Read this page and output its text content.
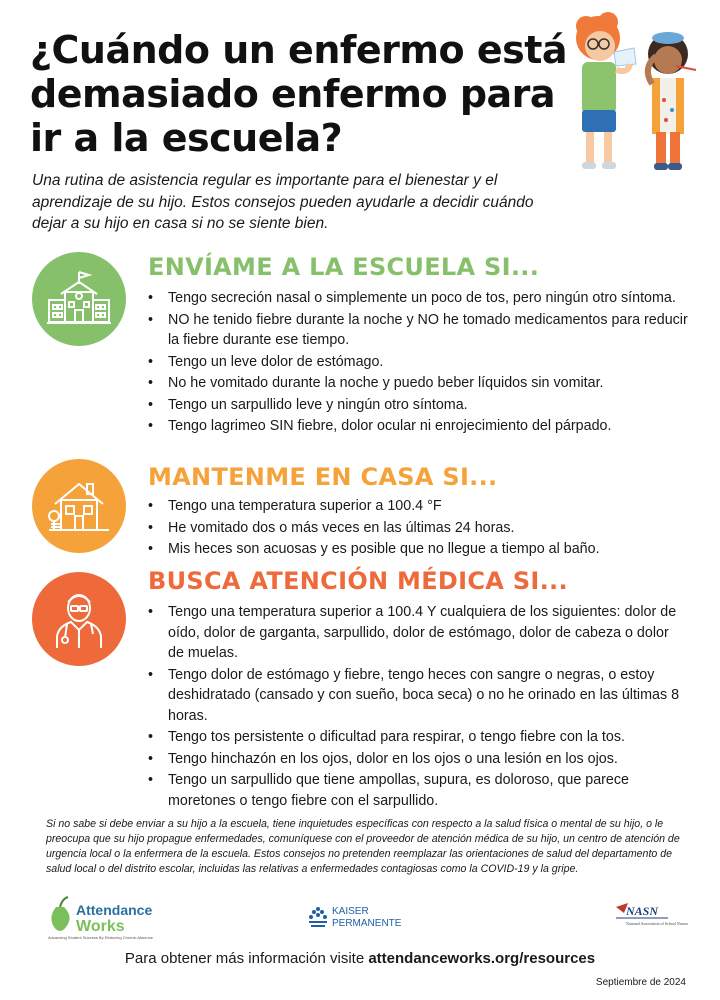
¿Cuándo un enfermo está demasiado enfermo para ir a la escuela?

Una rutina de asistencia regular es importante para el bienestar y el aprendizaje de su hijo. Estos consejos pueden ayudarle a decidir cuándo dejar a su hijo en casa si no se siente bien.

ENVÍAME A LA ESCUELA SI...
• Tengo secreción nasal o simplemente un poco de tos, pero ningún otro síntoma.
• NO he tenido fiebre durante la noche y NO he tomado medicamentos para reducir la fiebre durante ese tiempo.
• Tengo un leve dolor de estómago.
• No he vomitado durante la noche y puedo beber líquidos sin vomitar.
• Tengo un sarpullido leve y ningún otro síntoma.
• Tengo lagrimeo SIN fiebre, dolor ocular ni enrojecimiento del párpado.
MANTENME EN CASA SI...
• Tengo una temperatura superior a 100.4 °F
• He vomitado dos o más veces en las últimas 24 horas.
• Mis heces son acuosas y es posible que no llegue a tiempo al baño.
BUSCA ATENCIÓN MÉDICA SI...
• Tengo una temperatura superior a 100.4 Y cualquiera de los siguientes: dolor de oído, dolor de garganta, sarpullido, dolor de estómago, dolor de cabeza o dolor de muelas.
• Tengo dolor de estómago y fiebre, tengo heces con sangre o negras, o estoy deshidratado (cansado y con sueño, boca seca) o no he orinado en las últimas 8 horas.
• Tengo tos persistente o dificultad para respirar, o tengo fiebre con la tos.
• Tengo hinchazón en los ojos, dolor en los ojos o una lesión en los ojos.
• Tengo un sarpullido que tiene ampollas, supura, es doloroso, que parece moretones o tengo fiebre con el sarpullido.

Si no sabe si debe enviar a su hijo a la escuela, tiene inquietudes específicas con respecto a la salud física o mental de su hijo, o le preocupa que su hijo propague enfermedades, comuníquese con el proveedor de atención médica de su hijo, un centro de atención de urgencia local o la enfermera de la escuela. Estos consejos no pretenden reemplazar las orientaciones de salud del departamento de salud local o del distrito escolar, incluidas las relativas a enfermedades contagiosas como la COVID-19 y la gripe.

Attendance
Works
Advancing Student Success By Reducing Chronic Absence
KAISER
PERMANENTE
NASN
National Association of School Nurses
Para obtener más información visite attendanceworks.org/resources
Septiembre de 2024
